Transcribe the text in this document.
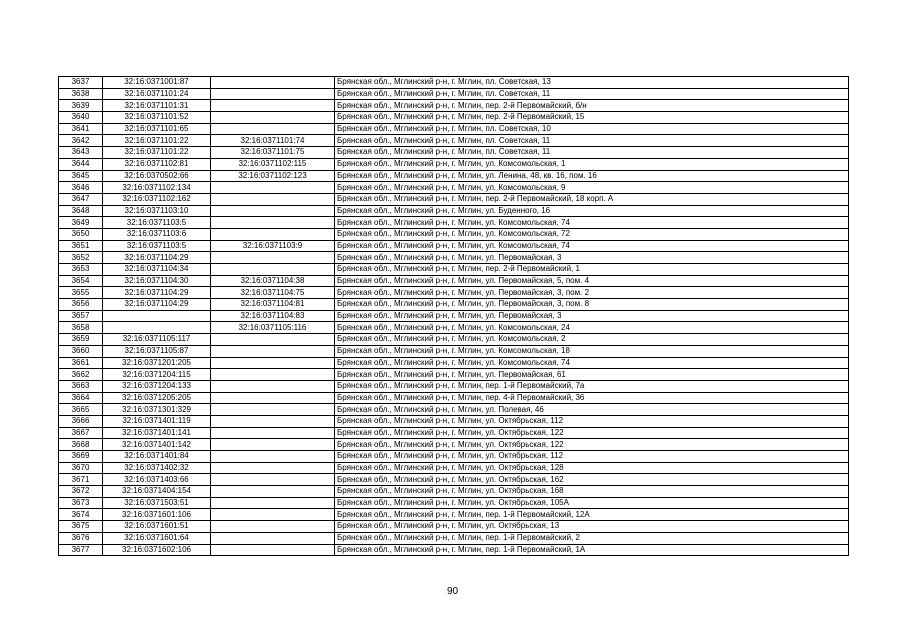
3637	32:16:0371001:87		Брянская обл., Мглинский р-н, г. Мглин, пл. Советская, 13
3638	32:16:0371101:24		Брянская обл., Мглинский р-н, г. Мглин, пл. Советская, 11
3639	32:16:0371101:31		Брянская обл., Мглинский р-н, г. Мглин, пер. 2-й Первомайский, б/н
3640	32:16:0371101:52		Брянская обл., Мглинский р-н, г. Мглин, пер. 2-й Первомайский, 15
3641	32:16:0371101:65		Брянская обл., Мглинский р-н, г. Мглин, пл. Советская, 10
3642	32:16:0371101:22	32:16:0371101:74	Брянская обл., Мглинский р-н, г. Мглин, пл. Советская, 11
3643	32:16:0371101:22	32:16:0371101:75	Брянская обл., Мглинский р-н, г. Мглин, пл. Советская, 11
3644	32:16:0371102:81	32:16:0371102:115	Брянская обл., Мглинский р-н, г. Мглин, ул. Комсомольская, 1
3645	32:16:0370502:66	32:16:0371102:123	Брянская обл., Мглинский р-н, г. Мглин, ул. Ленина, 48, кв. 16, пом. 16
3646	32:16:0371102:134		Брянская обл., Мглинский р-н, г. Мглин, ул. Комсомольская, 9
3647	32:16:0371102:162		Брянская обл., Мглинский р-н, г. Мглин, пер. 2-й Первомайский, 18 корп. А
3648	32:16:0371103:10		Брянская обл., Мглинский р-н, г. Мглин, ул. Буденного, 16
3649	32:16:0371103:5		Брянская обл., Мглинский р-н, г. Мглин, ул. Комсомольская, 74
3650	32:16:0371103:6		Брянская обл., Мглинский р-н, г. Мглин, ул. Комсомольская, 72
3651	32:16:0371103:5	32:16:0371103:9	Брянская обл., Мглинский р-н, г. Мглин, ул. Комсомольская, 74
3652	32:16:0371104:29		Брянская обл., Мглинский р-н, г. Мглин, ул. Первомайская, 3
3653	32:16:0371104:34		Брянская обл., Мглинский р-н, г. Мглин, пер. 2-й Первомайский, 1
3654	32:16:0371104:30	32:16:0371104:38	Брянская обл., Мглинский р-н, г. Мглин, ул. Первомайская, 5, пом. 4
3655	32:16:0371104:29	32:16:0371104:75	Брянская обл., Мглинский р-н, г. Мглин, ул. Первомайская, 3, пом. 2
3656	32:16:0371104:29	32:16:0371104:81	Брянская обл., Мглинский р-н, г. Мглин, ул. Первомайская, 3, пом. 8
3657		32:16:0371104:83	Брянская обл., Мглинский р-н, г. Мглин, ул. Первомайская, 3
3658		32:16:0371105:116	Брянская обл., Мглинский р-н, г. Мглин, ул. Комсомольская, 24
3659	32:16:0371105:117		Брянская обл., Мглинский р-н, г. Мглин, ул. Комсомольская, 2
3660	32:16:0371105:87		Брянская обл., Мглинский р-н, г. Мглин, ул. Комсомольская, 18
3661	32:16:0371201:205		Брянская обл., Мглинский р-н, г. Мглин, ул. Комсомольская, 74
3662	32:16:0371204:115		Брянская обл., Мглинский р-н, г. Мглин, ул. Первомайская, 61
3663	32:16:0371204:133		Брянская обл., Мглинский р-н, г. Мглин, пер. 1-й Первомайский, 7а
3664	32:16:0371205:205		Брянская обл., Мглинский р-н, г. Мглин, пер. 4-й Первомайский, 36
3665	32:16:0371301:329		Брянская обл., Мглинский р-н, г. Мглин, ул. Полевая, 46
3666	32:16:0371401:119		Брянская обл., Мглинский р-н, г. Мглин, ул. Октябрьская, 112
3667	32:16:0371401:141		Брянская обл., Мглинский р-н, г. Мглин, ул. Октябрьская, 122
3668	32:16:0371401:142		Брянская обл., Мглинский р-н, г. Мглин, ул. Октябрьская, 122
3669	32:16:0371401:84		Брянская обл., Мглинский р-н, г. Мглин, ул. Октябрьская, 112
3670	32:16:0371402:32		Брянская обл., Мглинский р-н, г. Мглин, ул. Октябрьская, 128
3671	32:16:0371403:66		Брянская обл., Мглинский р-н, г. Мглин, ул. Октябрьская, 162
3672	32:16:0371404:154		Брянская обл., Мглинский р-н, г. Мглин, ул. Октябрьская, 168
3673	32:16:0371503:51		Брянская обл., Мглинский р-н, г. Мглин, ул. Октябрьская, 105А
3674	32:16:0371601:106		Брянская обл., Мглинский р-н, г. Мглин, пер. 1-й Первомайский, 12А
3675	32:16:0371601:51		Брянская обл., Мглинский р-н, г. Мглин, ул. Октябрьская, 13
3676	32:16:0371601:64		Брянская обл., Мглинский р-н, г. Мглин, пер. 1-й Первомайский, 2
3677	32:16:0371602:106		Брянская обл., Мглинский р-н, г. Мглин, пер. 1-й Первомайский, 1А
90
